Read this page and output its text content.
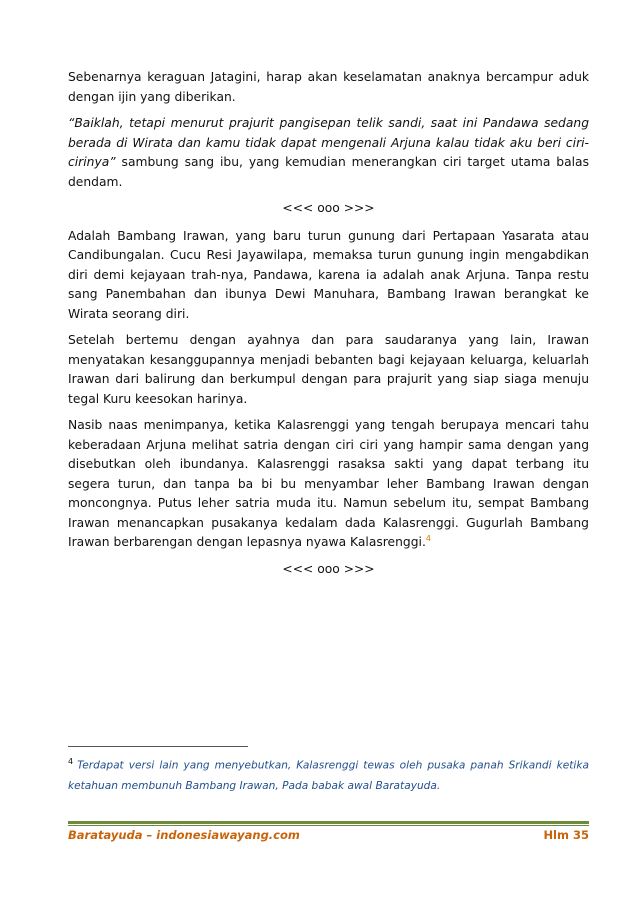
Sebenarnya keraguan Jatagini, harap akan keselamatan anaknya bercampur aduk dengan ijin yang diberikan.

“Baiklah, tetapi menurut prajurit pangisepan telik sandi, saat ini Pandawa sedang berada di Wirata dan kamu tidak dapat mengenali Arjuna kalau tidak aku beri ciri-cirinya” sambung sang ibu, yang kemudian menerangkan ciri target utama balas dendam.

<<< ooo >>>

Adalah Bambang Irawan, yang baru turun gunung dari Pertapaan Yasarata atau Candibungalan. Cucu Resi Jayawilapa, memaksa turun gunung ingin mengabdikan diri demi kejayaan trah-nya, Pandawa, karena ia adalah anak Arjuna. Tanpa restu sang Panembahan dan ibunya Dewi Manuhara, Bambang Irawan berangkat ke Wirata seorang diri.

Setelah bertemu dengan ayahnya dan para saudaranya yang lain, Irawan menyatakan kesanggupannya menjadi bebanten bagi kejayaan keluarga, keluarlah Irawan dari balirung dan berkumpul dengan para prajurit yang siap siaga menuju tegal Kuru keesokan harinya.

Nasib naas menimpanya, ketika Kalasrenggi yang tengah berupaya mencari tahu keberadaan Arjuna melihat satria dengan ciri ciri yang hampir sama dengan yang disebutkan oleh ibundanya. Kalasrenggi rasaksa sakti yang dapat terbang itu segera turun, dan tanpa ba bi bu menyambar leher Bambang Irawan dengan moncongnya. Putus leher satria muda itu. Namun sebelum itu, sempat Bambang Irawan menancapkan pusakanya kedalam dada Kalasrenggi. Gugurlah Bambang Irawan berbarengan dengan lepasnya nyawa Kalasrenggi.$^4$

<<< ooo >>>

$^4$ Terdapat versi lain yang menyebutkan, Kalasrenggi tewas oleh pusaka panah Srikandi ketika ketahuan membunuh Bambang Irawan, Pada babak awal Baratayuda.
Baratayuda – indonesiawayang.com	Hlm 35
